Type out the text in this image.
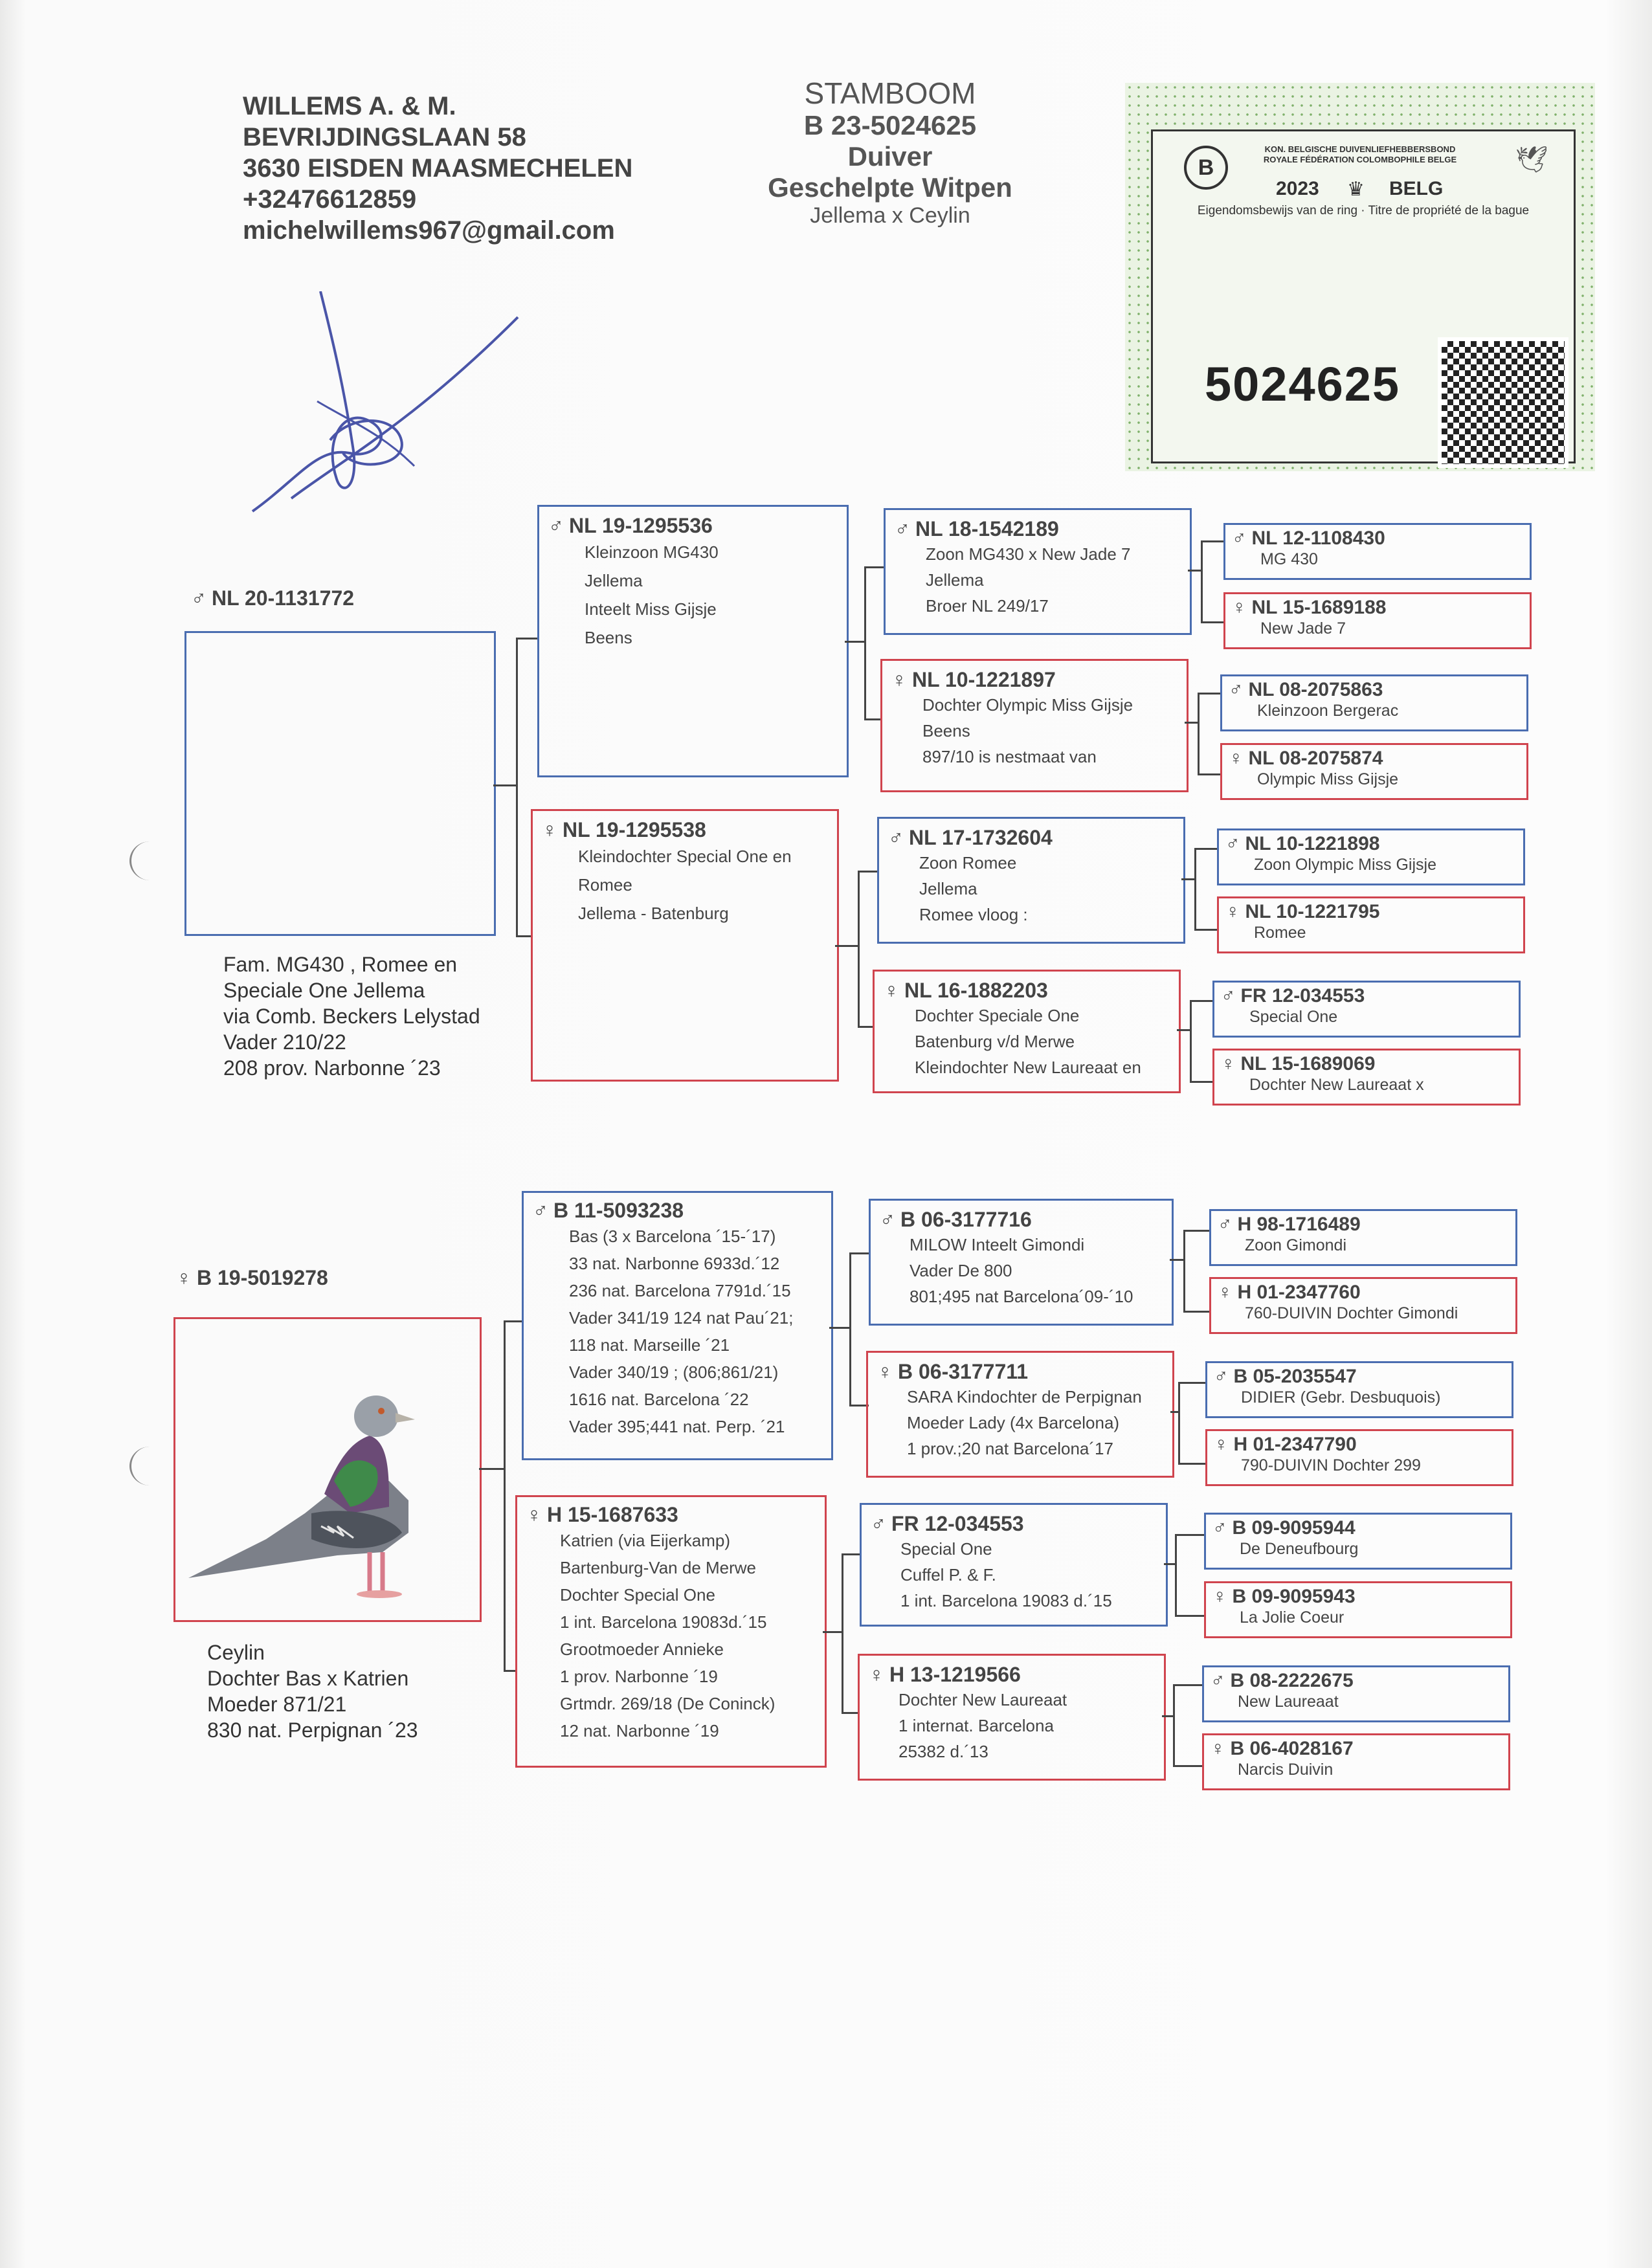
WILLEMS A. & M.
BEVRIJDINGSLAAN 58
3630 EISDEN MAASMECHELEN
+32476612859
michelwillems967@gmail.com
STAMBOOM
B 23-5024625
Duiver
Geschelpte Witpen
Jellema x Ceylin
B
KON. BELGISCHE DUIVENLIEFHEBBERSBOND
ROYALE FÉDÉRATION COLOMBOPHILE BELGE	🕊
2023 ♛ BELG
Eigendomsbewijs van de ring · Titre de propriété de la bague
5024625
♂ NL 20-1131772
Fam. MG430 , Romee en
Speciale One Jellema
via Comb. Beckers Lelystad
Vader 210/22
208 prov. Narbonne ´23
♂ NL 19-1295536
Kleinzoon MG430
Jellema
Inteelt Miss Gijsje
Beens
♀ NL 19-1295538
Kleindochter Special One en
Romee
Jellema - Batenburg
♂ NL 18-1542189
Zoon MG430 x New Jade 7
Jellema
Broer NL 249/17
♀ NL 10-1221897
Dochter Olympic Miss Gijsje
Beens
897/10 is nestmaat van
♂ NL 17-1732604
Zoon Romee
Jellema
Romee vloog :
♀ NL 16-1882203
Dochter Speciale One
Batenburg v/d Merwe
Kleindochter New Laureaat en
♂ NL 12-1108430
MG 430
♀ NL 15-1689188
New Jade 7
♂ NL 08-2075863
Kleinzoon Bergerac
♀ NL 08-2075874
Olympic Miss Gijsje
♂ NL 10-1221898
Zoon Olympic Miss Gijsje
♀ NL 10-1221795
Romee
♂ FR 12-034553
Special One
♀ NL 15-1689069
Dochter New Laureaat x
♀ B 19-5019278
Ceylin
Dochter Bas x Katrien
Moeder 871/21
830 nat. Perpignan ´23
♂ B 11-5093238
Bas (3 x Barcelona ´15-´17)
33 nat. Narbonne 6933d.´12
236 nat. Barcelona 7791d.´15
Vader 341/19 124 nat Pau´21;
118 nat. Marseille ´21
Vader 340/19 ; (806;861/21)
1616 nat. Barcelona ´22
Vader 395;441 nat. Perp. ´21
♀ H 15-1687633
Katrien (via Eijerkamp)
Bartenburg-Van de Merwe
Dochter Special One
1 int. Barcelona 19083d.´15
Grootmoeder Annieke
1 prov. Narbonne ´19
Grtmdr. 269/18 (De Coninck)
12 nat. Narbonne ´19
♂ B 06-3177716
MILOW Inteelt Gimondi
Vader De 800
801;495 nat Barcelona´09-´10
♀ B 06-3177711
SARA Kindochter de Perpignan
Moeder Lady (4x Barcelona)
1 prov.;20 nat Barcelona´17
♂ FR 12-034553
Special One
Cuffel P. & F.
1 int. Barcelona 19083 d.´15
♀ H 13-1219566
Dochter New Laureaat
1 internat. Barcelona
25382 d.´13
♂ H 98-1716489
Zoon Gimondi
♀ H 01-2347760
760-DUIVIN Dochter Gimondi
♂ B 05-2035547
DIDIER (Gebr. Desbuquois)
♀ H 01-2347790
790-DUIVIN Dochter 299
♂ B 09-9095944
De Deneufbourg
♀ B 09-9095943
La Jolie Coeur
♂ B 08-2222675
New Laureaat
♀ B 06-4028167
Narcis Duivin
